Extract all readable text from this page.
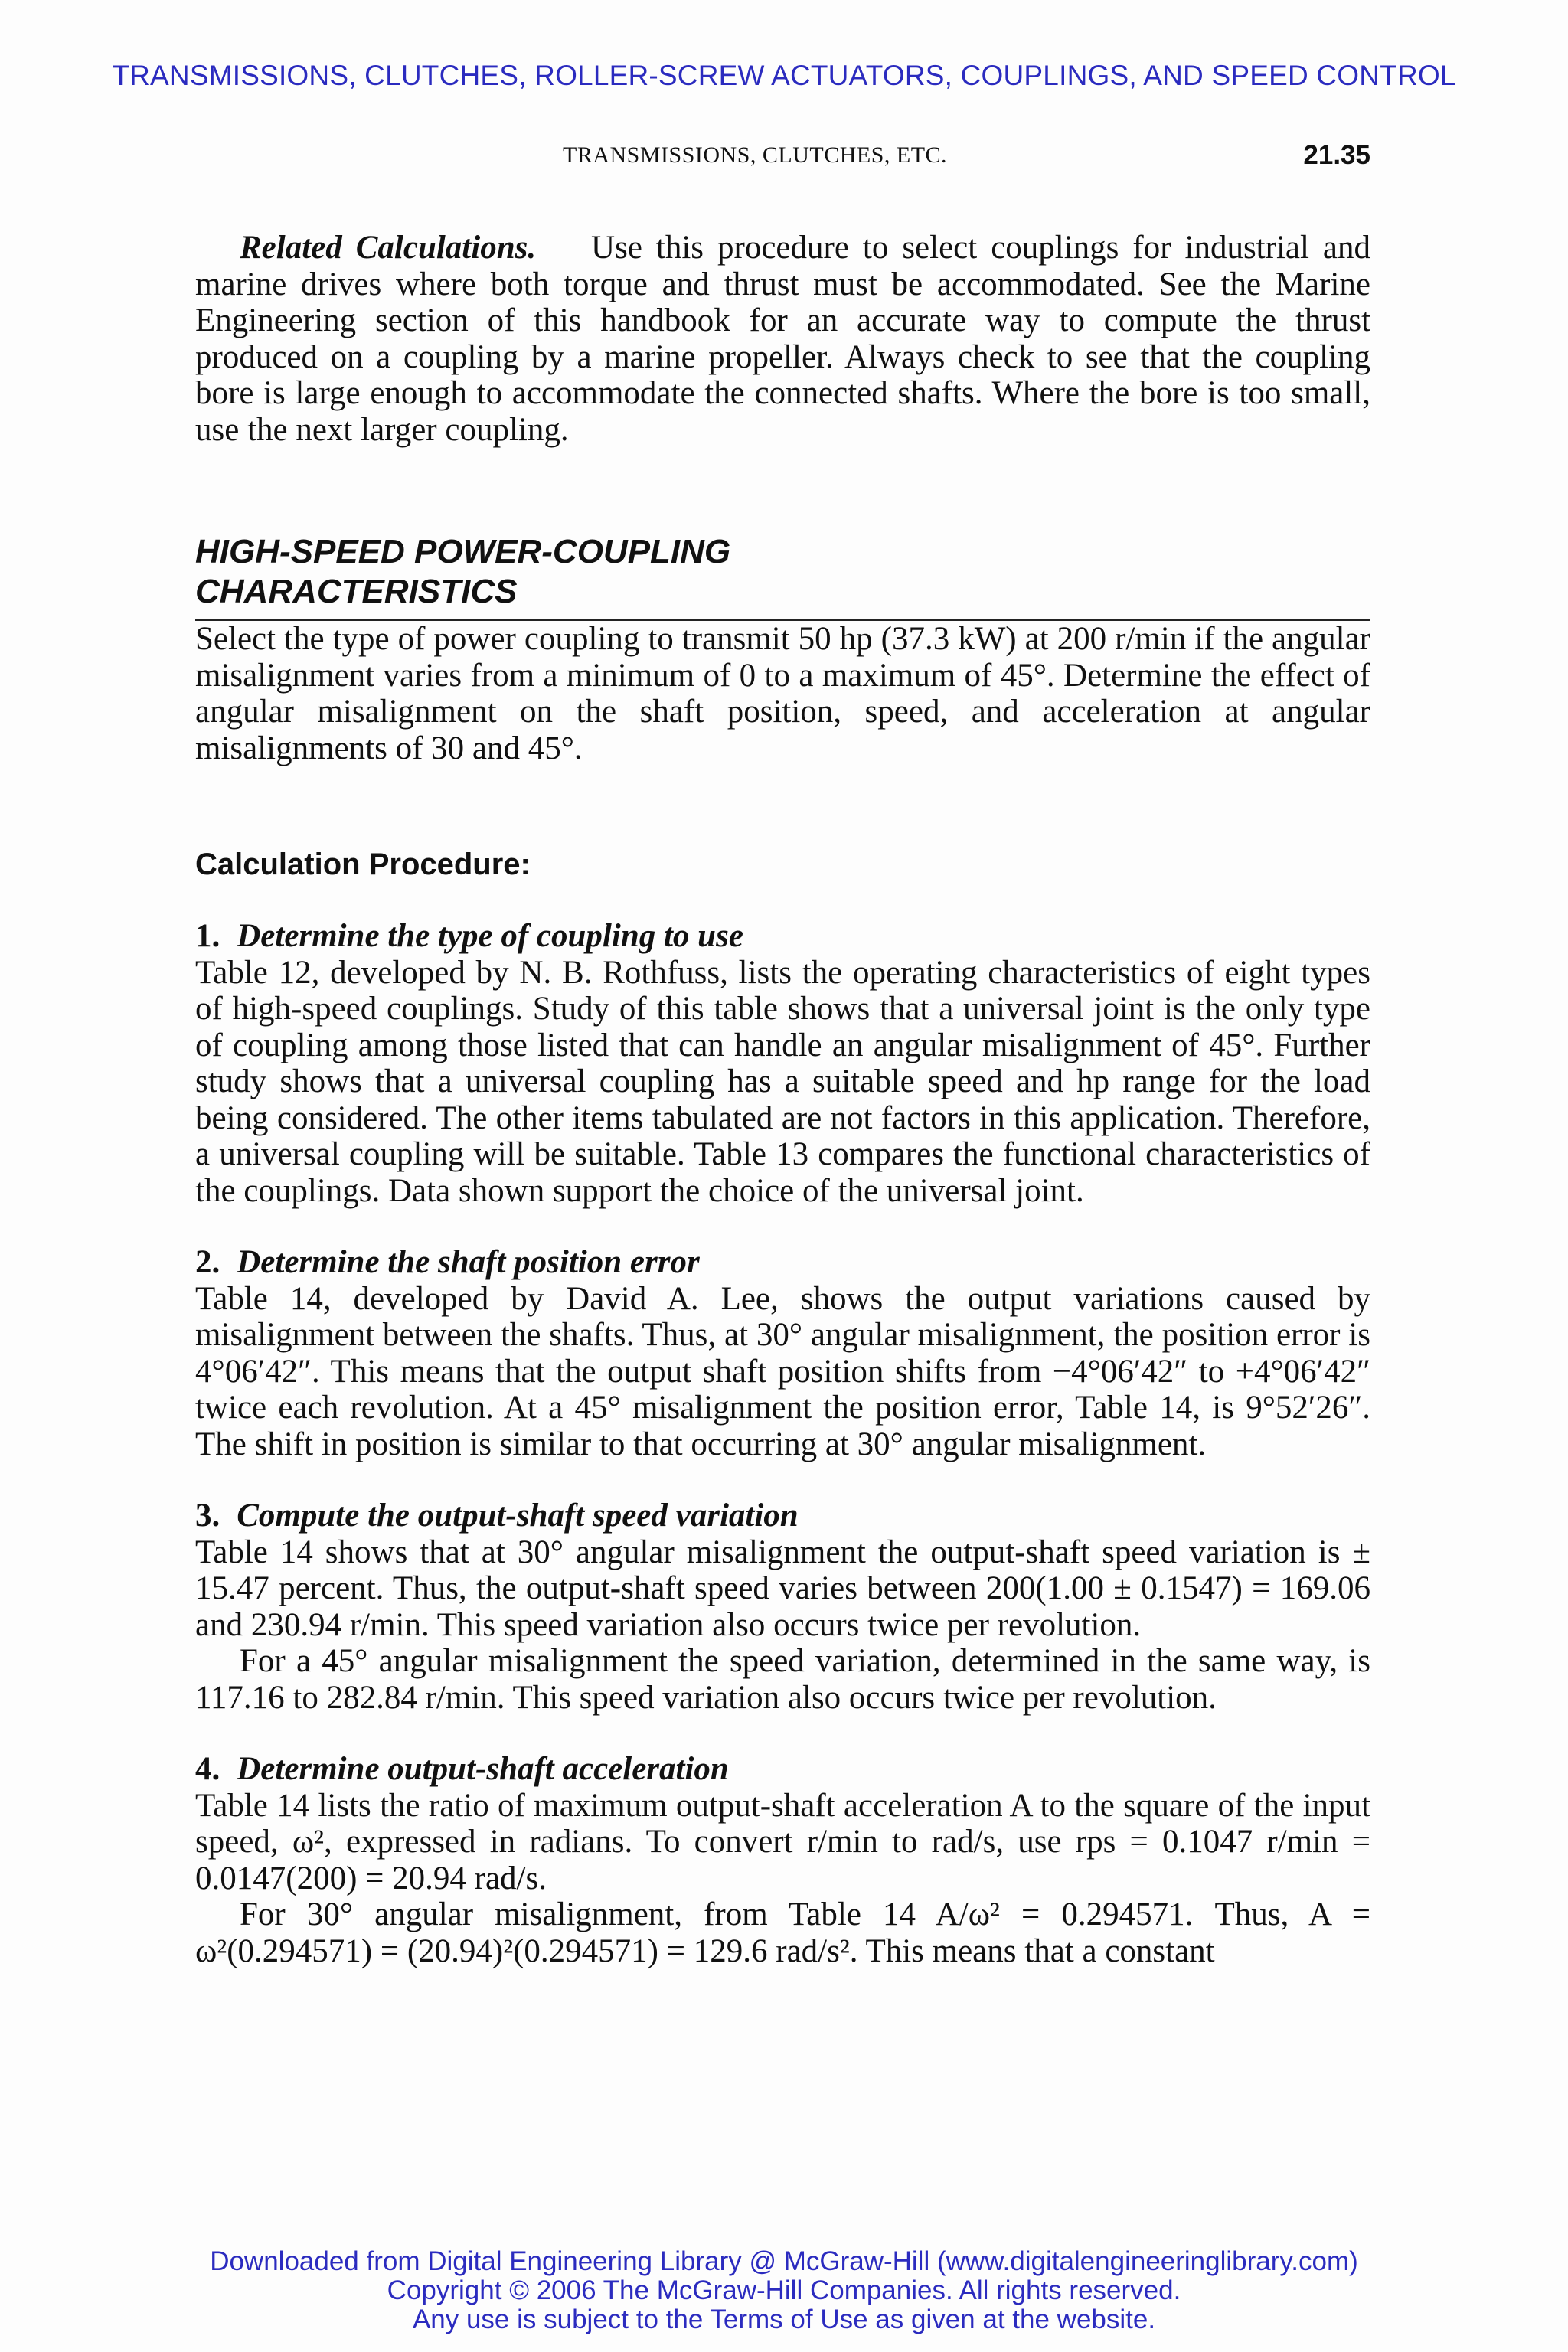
TRANSMISSIONS, CLUTCHES, ROLLER-SCREW ACTUATORS, COUPLINGS, AND SPEED CONTROL
TRANSMISSIONS, CLUTCHES, ETC.	21.35

Related Calculations. Use this procedure to select couplings for industrial and marine drives where both torque and thrust must be accommodated. See the Marine Engineering section of this handbook for an accurate way to compute the thrust produced on a coupling by a marine propeller. Always check to see that the coupling bore is large enough to accommodate the connected shafts. Where the bore is too small, use the next larger coupling.

HIGH-SPEED POWER-COUPLING
CHARACTERISTICS

Select the type of power coupling to transmit 50 hp (37.3 kW) at 200 r/min if the angular misalignment varies from a minimum of 0 to a maximum of 45°. Determine the effect of angular misalignment on the shaft position, speed, and acceleration at angular misalignments of 30 and 45°.

Calculation Procedure:
1. Determine the type of coupling to use

Table 12, developed by N. B. Rothfuss, lists the operating characteristics of eight types of high-speed couplings. Study of this table shows that a universal joint is the only type of coupling among those listed that can handle an angular misalignment of 45°. Further study shows that a universal coupling has a suitable speed and hp range for the load being considered. The other items tabulated are not factors in this application. Therefore, a universal coupling will be suitable. Table 13 compares the functional characteristics of the couplings. Data shown support the choice of the universal joint.

2. Determine the shaft position error

Table 14, developed by David A. Lee, shows the output variations caused by misalignment between the shafts. Thus, at 30° angular misalignment, the position error is 4°06′42″. This means that the output shaft position shifts from −4°06′42″ to +4°06′42″ twice each revolution. At a 45° misalignment the position error, Table 14, is 9°52′26″. The shift in position is similar to that occurring at 30° angular misalignment.

3. Compute the output-shaft speed variation

Table 14 shows that at 30° angular misalignment the output-shaft speed variation is ± 15.47 percent. Thus, the output-shaft speed varies between 200(1.00 ± 0.1547) = 169.06 and 230.94 r/min. This speed variation also occurs twice per revolution.

For a 45° angular misalignment the speed variation, determined in the same way, is 117.16 to 282.84 r/min. This speed variation also occurs twice per revolution.

4. Determine output-shaft acceleration

Table 14 lists the ratio of maximum output-shaft acceleration A to the square of the input speed, ω², expressed in radians. To convert r/min to rad/s, use rps = 0.1047 r/min = 0.0147(200) = 20.94 rad/s.

For 30° angular misalignment, from Table 14 A/ω² = 0.294571. Thus, A = ω²(0.294571) = (20.94)²(0.294571) = 129.6 rad/s². This means that a constant

Downloaded from Digital Engineering Library @ McGraw-Hill (www.digitalengineeringlibrary.com)
Copyright © 2006 The McGraw-Hill Companies. All rights reserved.
Any use is subject to the Terms of Use as given at the website.
